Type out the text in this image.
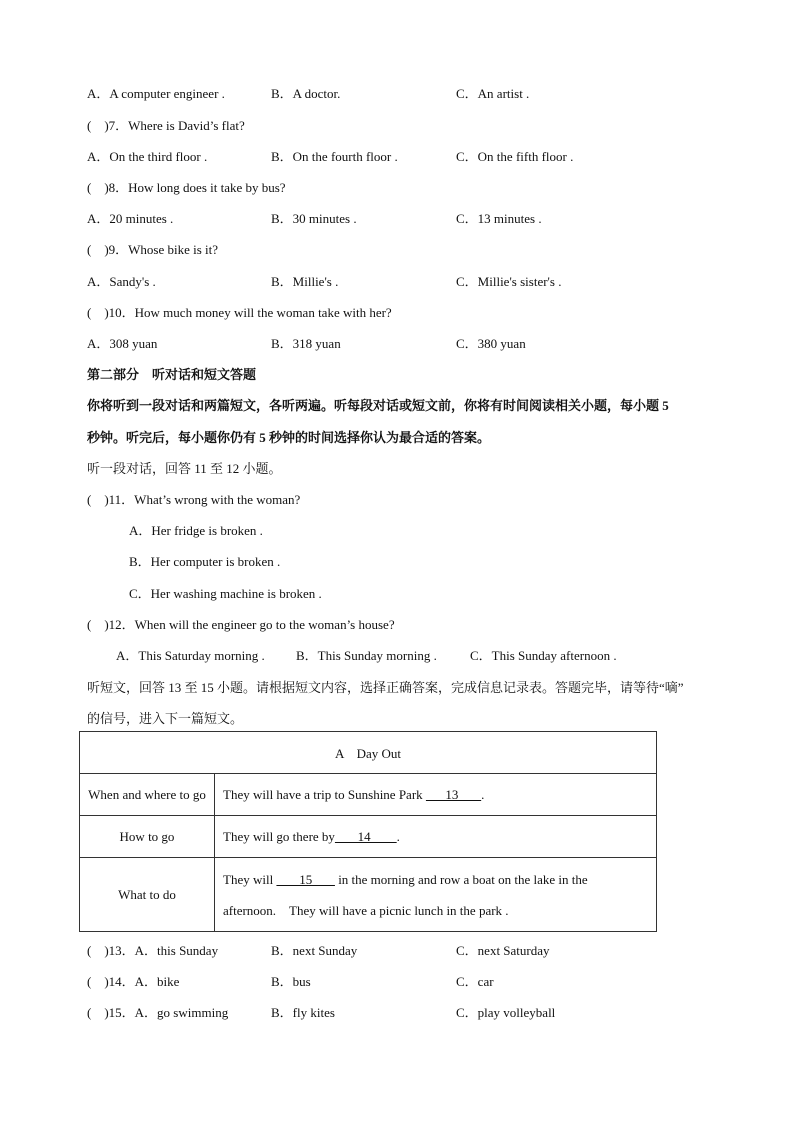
A．A computer engineer .	B．A doctor.	C．An artist .
(　)7．Where is David’s flat?
A．On the third floor .	B．On the fourth floor .	C．On the fifth floor .
(　)8．How long does it take by bus?
A．20 minutes .	B．30 minutes .	C．13 minutes .
(　)9．Whose bike is it?
A．Sandy's .	B．Millie's .	C．Millie's sister's .
(　)10．How much money will the woman take with her?
A．308 yuan	B．318 yuan	C．380 yuan
第二部分　听对话和短文答题
你将听到一段对话和两篇短文，各听两遍。听每段对话或短文前，你将有时间阅读相关小题，每小题 5
秒钟。听完后，每小题你仍有 5 秒钟的时间选择你认为最合适的答案。
听一段对话，回答 11 至 12 小题。
(　)11．What’s wrong with the woman?
A．Her fridge is broken .
B．Her computer is broken .
C．Her washing machine is broken .
(　)12．When will the engineer go to the woman’s house?
A．This Saturday morning . B．This Sunday morning .	C．This Sunday afternoon .
听短文，回答 13 至 15 小题。请根据短文内容，选择正确答案，完成信息记录表。答题完毕，请等待“嘀”
的信号，进入下一篇短文。
A　Day Out	
When and where to go	They will have a trip to Sunshine Park       13       .
How to go	They will go there by       14        .
What to do	They will        15        in the morning and row a boat on the lake in the
afternoon.　They will have a picnic lunch in the park .
(　)13．A．this Sunday	B．next Sunday	C．next Saturday
(　)14．A．bike	B．bus	C．car
(　)15．A．go swimming	B．fly kites	C．play volleyball
